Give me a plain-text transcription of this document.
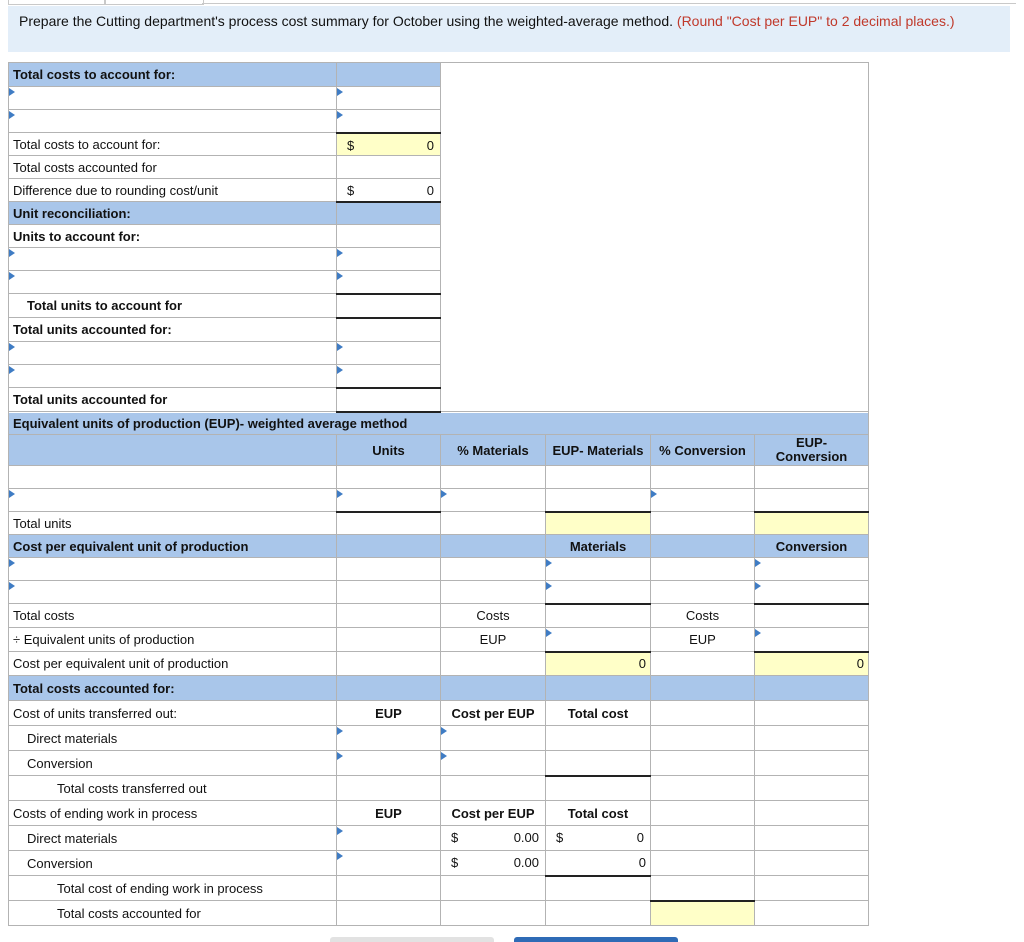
Prepare the Cutting department's process cost summary for October using the weighted-average method. (Round "Cost per EUP" to 2 decimal places.)
Total costs to account for:					

Total costs to account for:	$ 0				

Total costs accounted for					
Difference due to rounding cost/unit	$ 0				

Unit reconciliation:					
Units to account for:					

Total units to account for					
Total units accounted for:					

Total units accounted for					
Equivalent units of production (EUP)- weighted average method					
	Units	% Materials	EUP- Materials	% Conversion	EUP- Conversion

Total units					
Cost per equivalent unit of production			Materials		Conversion

Total costs		Costs		Costs	
÷ Equivalent units of production		EUP		EUP	

Cost per equivalent unit of production			0		0
Total costs accounted for:					
Cost of units transferred out:	EUP	Cost per EUP	Total cost		
Direct materials	

Conversion	

Total costs transferred out					
Costs of ending work in process	EUP	Cost per EUP	Total cost		
Direct materials		$ 0.00	$ 0		

Conversion		$ 0.00	0		
Total cost of ending work in process					
Total costs accounted for					
